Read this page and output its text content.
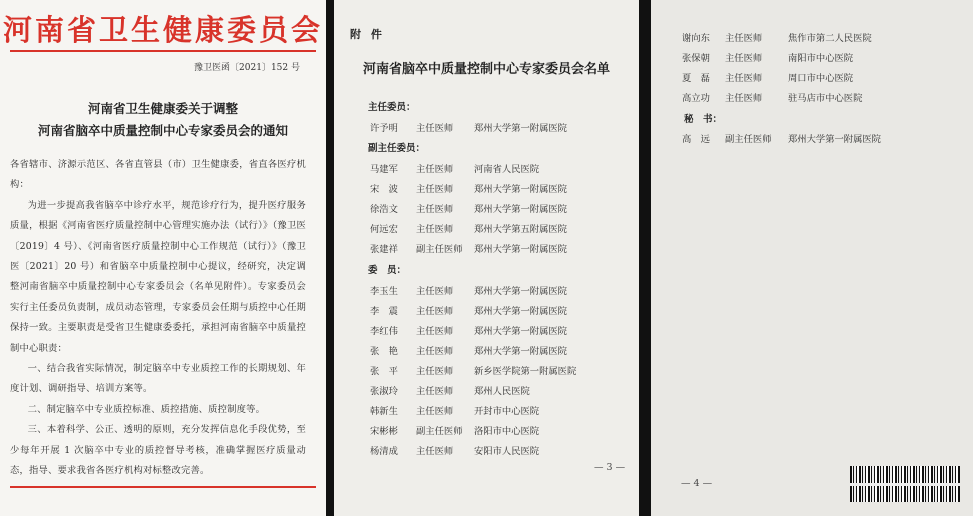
河南省卫生健康委员会
豫卫医函〔2021〕152 号
河南省卫生健康委关于调整
河南省脑卒中质量控制中心专家委员会的通知

各省辖市、济源示范区、各省直管县（市）卫生健康委，省直各医疗机构：

为进一步提高我省脑卒中诊疗水平，规范诊疗行为，提升医疗服务质量，根据《河南省医疗质量控制中心管理实施办法（试行）》（豫卫医〔2019〕4 号）、《河南省医疗质量控制中心工作规范（试行）》（豫卫医〔2021〕20 号）和省脑卒中质量控制中心提议，经研究，决定调整河南省脑卒中质量控制中心专家委员会（名单见附件）。专家委员会实行主任委员负责制，成员动态管理，专家委员会任期与质控中心任期保持一致。主要职责是受省卫生健康委委托，承担河南省脑卒中质量控制中心职责：

一、结合我省实际情况，制定脑卒中专业质控工作的长期规划、年度计划、调研指导、培训方案等。

二、制定脑卒中专业质控标准、质控措施、质控制度等。

三、本着科学、公正、透明的原则，充分发挥信息化手段优势，至少每年开展 1 次脑卒中专业的质控督导考核，准确掌握医疗质量动态，指导、要求我省各医疗机构对标整改完善。

附 件
河南省脑卒中质量控制中心专家委员会名单
主任委员：
许予明 主任医师 郑州大学第一附属医院
副主任委员：
马建军 主任医师 河南省人民医院
宋　波 主任医师 郑州大学第一附属医院
徐浩文 主任医师 郑州大学第一附属医院
何远宏 主任医师 郑州大学第五附属医院
张建祥 副主任医师 郑州大学第一附属医院
委　员：
李玉生 主任医师 郑州大学第一附属医院
李　震 主任医师 郑州大学第一附属医院
李红伟 主任医师 郑州大学第一附属医院
张　艳 主任医师 郑州大学第一附属医院
张　平 主任医师 新乡医学院第一附属医院
张淑玲 主任医师 郑州人民医院
韩新生 主任医师 开封市中心医院
宋彬彬 副主任医师 洛阳市中心医院
杨清成 主任医师 安阳市人民医院
— 3 —
谢向东 主任医师	焦作市第二人民医院
张保朝 主任医师	南阳市中心医院
夏　磊 主任医师	周口市中心医院
高立功 主任医师	驻马店市中心医院
秘　书：
高　远 副主任医师 郑州大学第一附属医院
— 4 —
